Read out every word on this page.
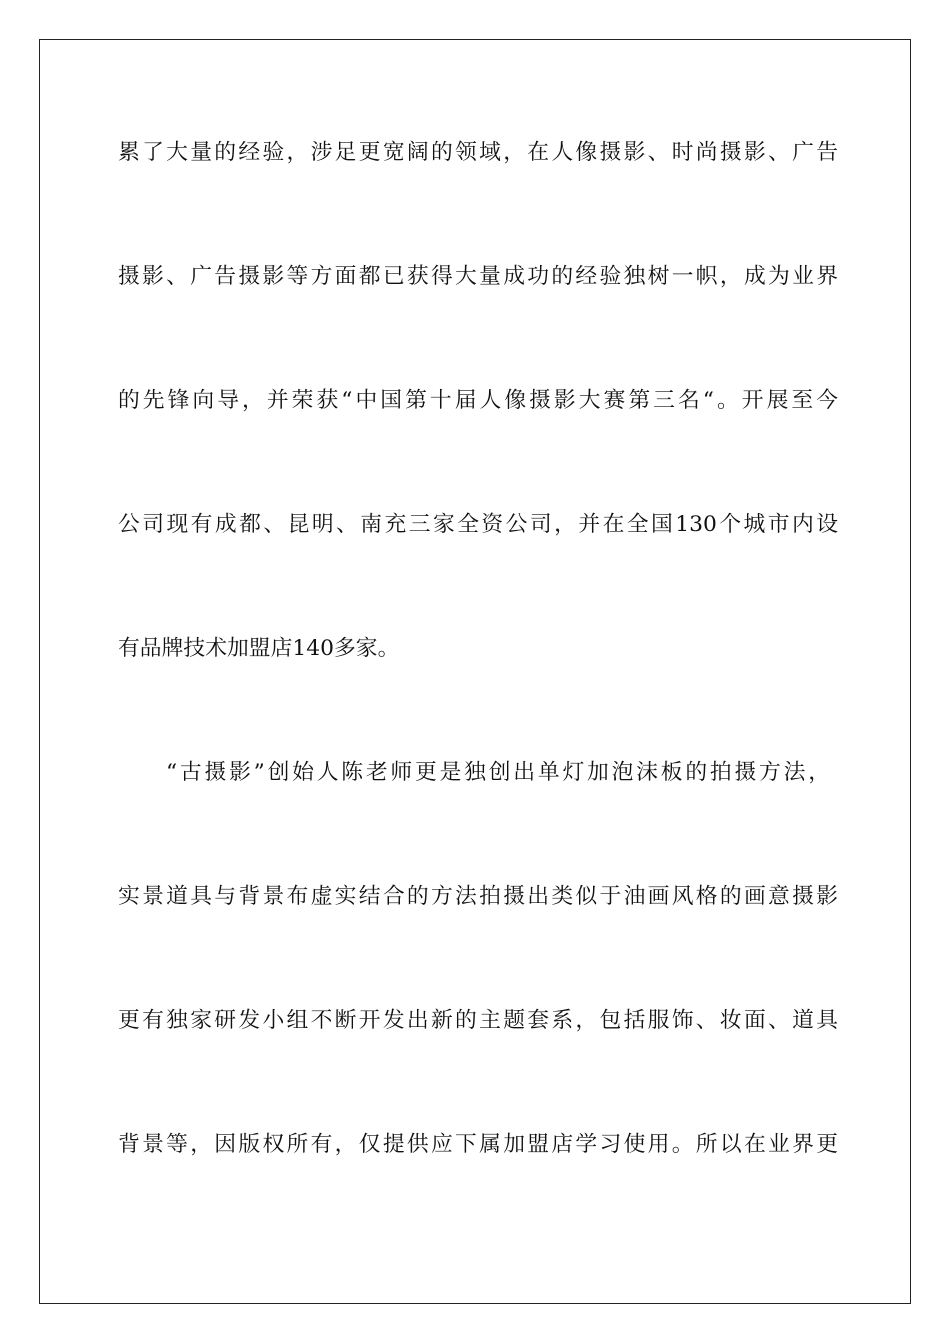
累了大量的经验，涉足更宽阔的领域，在人像摄影、时尚摄影、广告

摄影、广告摄影等方面都已获得大量成功的经验独树一帜，成为业界

的先锋向导，并荣获“中国第十届人像摄影大赛第三名“。开展至今

公司现有成都、昆明、南充三家全资公司，并在全国130个城市内设

有品牌技术加盟店140多家。

“古摄影”创始人陈老师更是独创出单灯加泡沫板的拍摄方法，

实景道具与背景布虚实结合的方法拍摄出类似于油画风格的画意摄影

更有独家研发小组不断开发出新的主题套系，包括服饰、妆面、道具

背景等，因版权所有，仅提供应下属加盟店学习使用。所以在业界更
